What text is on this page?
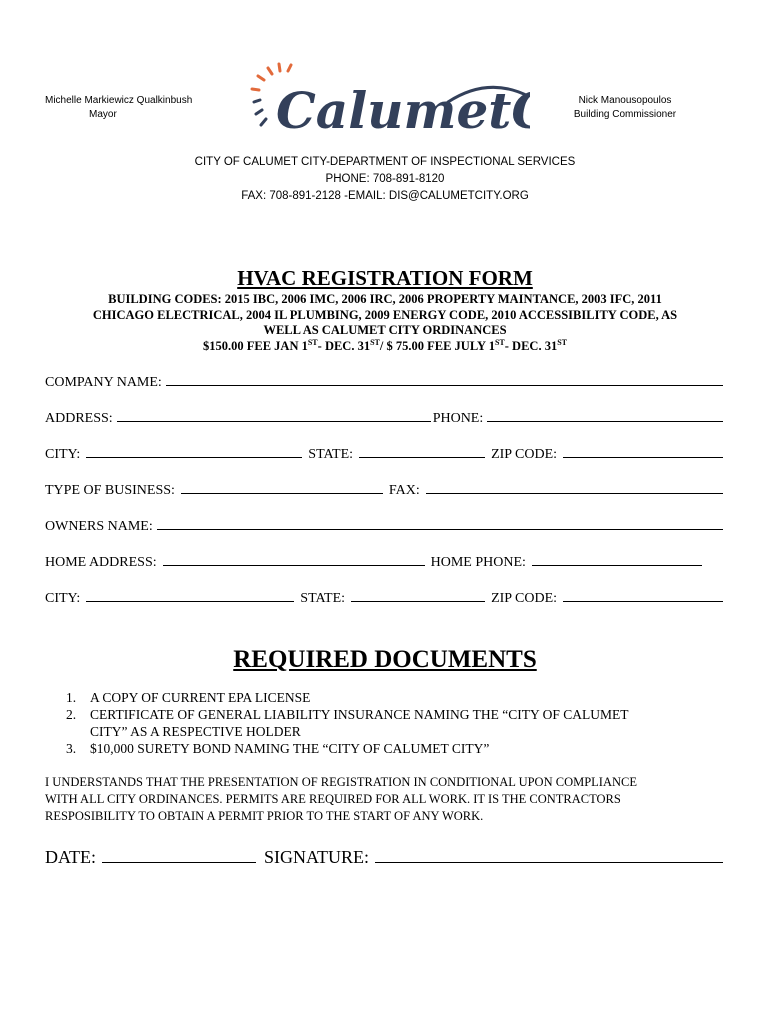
Michelle Markiewicz Qualkinbush
Mayor
Nick Manousopoulos
Building Commissioner
Calumet
CITY OF CALUMET CITY-DEPARTMENT OF INSPECTIONAL SERVICES
PHONE: 708-891-8120
FAX: 708-891-2128 -EMAIL: DIS@CALUMETCITY.ORG
HVAC REGISTRATION FORM
BUILDING CODES: 2015 IBC, 2006 IMC, 2006 IRC, 2006 PROPERTY MAINTANCE, 2003 IFC, 2011
CHICAGO ELECTRICAL, 2004 IL PLUMBING, 2009 ENERGY CODE, 2010 ACCESSIBILITY CODE, AS
WELL AS CALUMET CITY ORDINANCES
$150.00 FEE JAN 1ST- DEC. 31ST/ $ 75.00 FEE JULY 1ST- DEC. 31ST
COMPANY NAME:
ADDRESS:	PHONE:
CITY:	STATE:	ZIP CODE:
TYPE OF BUSINESS:	FAX:
OWNERS NAME:
HOME ADDRESS:	HOME PHONE:
CITY:	STATE:	ZIP CODE:
REQUIRED DOCUMENTS
1.	A COPY OF CURRENT EPA LICENSE
2.	CERTIFICATE OF GENERAL LIABILITY INSURANCE NAMING THE “CITY OF CALUMET
CITY” AS A RESPECTIVE HOLDER
3.	$10,000 SURETY BOND NAMING THE “CITY OF CALUMET CITY”
I UNDERSTANDS THAT THE PRESENTATION OF REGISTRATION IN CONDITIONAL UPON COMPLIANCE
WITH ALL CITY ORDINANCES. PERMITS ARE REQUIRED FOR ALL WORK. IT IS THE CONTRACTORS
RESPOSIBILITY TO OBTAIN A PERMIT PRIOR TO THE START OF ANY WORK.
DATE:	SIGNATURE:
